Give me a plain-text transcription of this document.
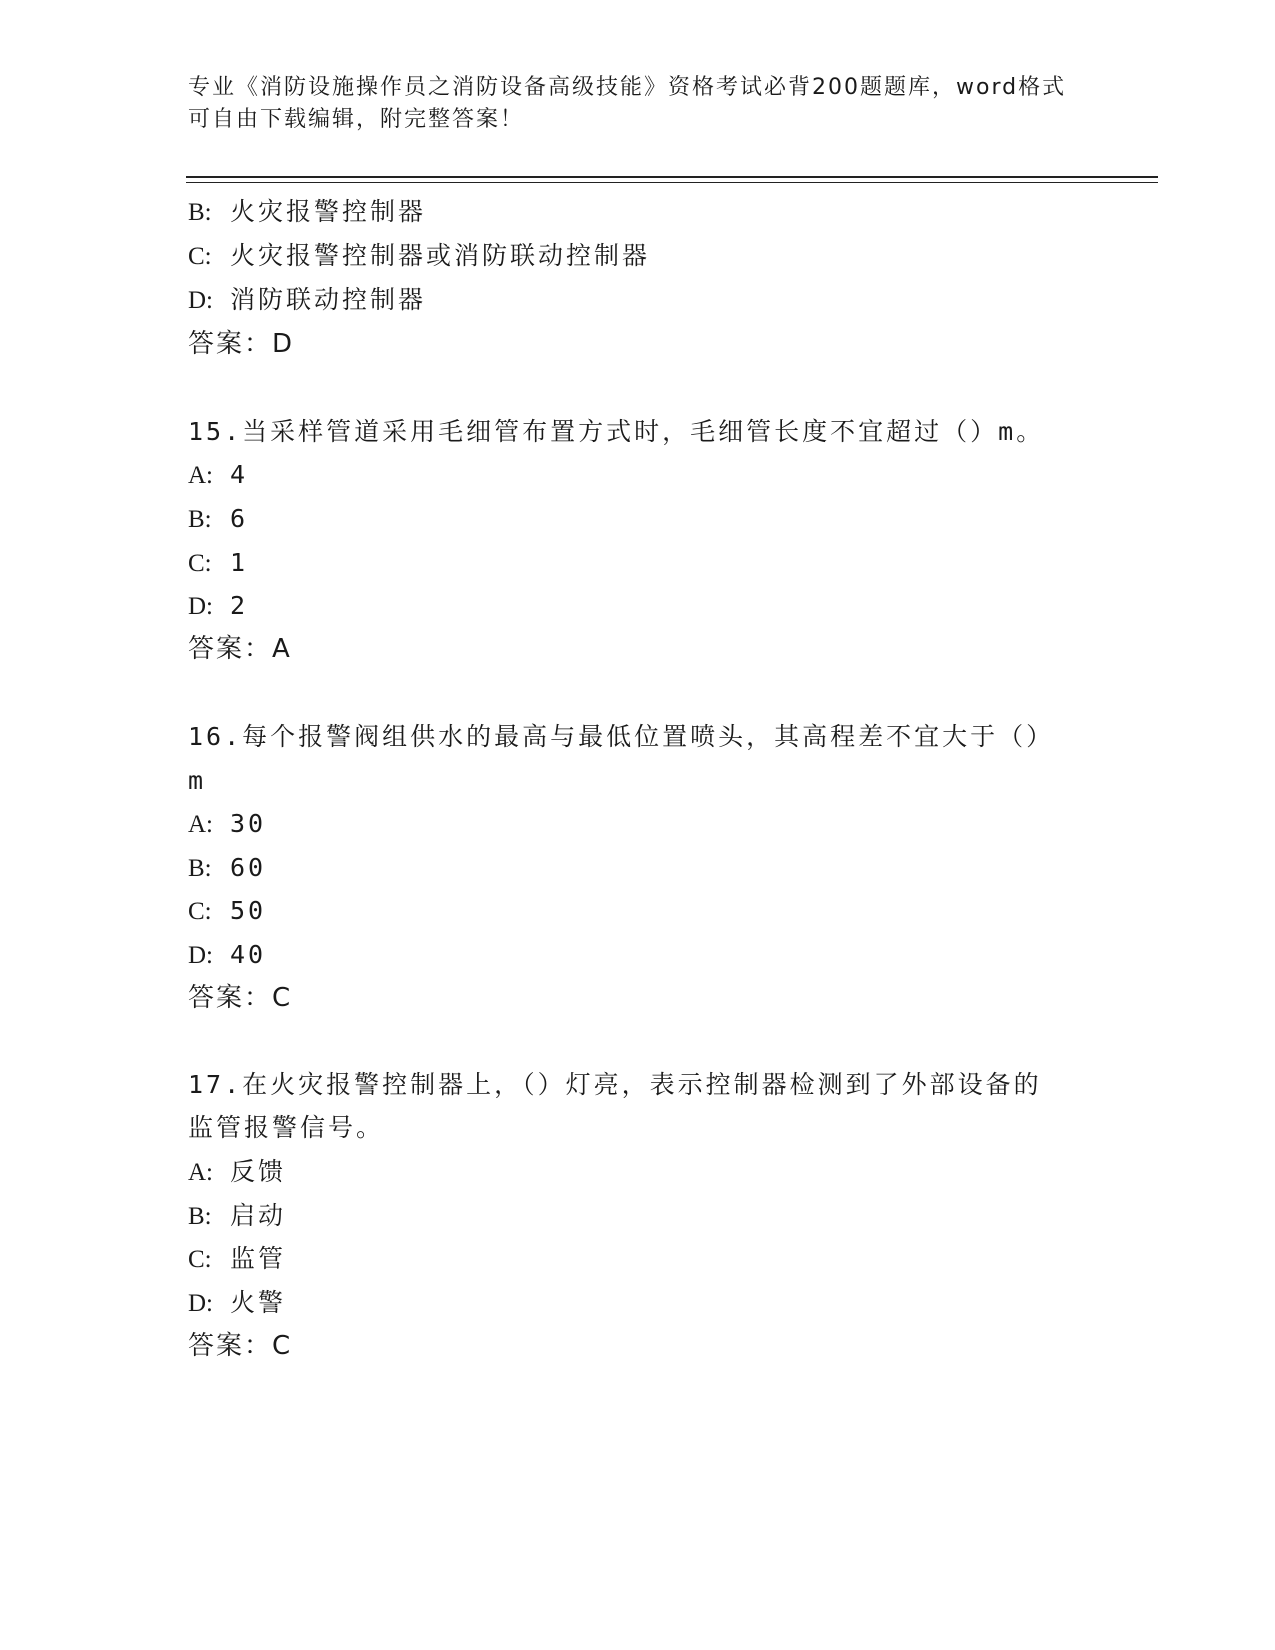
专业《消防设施操作员之消防设备高级技能》资格考试必背200题题库，word格式可自由下载编辑，附完整答案！
B: 火灾报警控制器
C: 火灾报警控制器或消防联动控制器
D: 消防联动控制器
答案：D
15.当采样管道采用毛细管布置方式时，毛细管长度不宜超过（）m。
A: 4
B: 6
C: 1
D: 2
答案：A
16.每个报警阀组供水的最高与最低位置喷头，其高程差不宜大于（）
m
A: 30
B: 60
C: 50
D: 40
答案：C
17.在火灾报警控制器上，（）灯亮，表示控制器检测到了外部设备的
监管报警信号。
A: 反馈
B: 启动
C: 监管
D: 火警
答案：C
